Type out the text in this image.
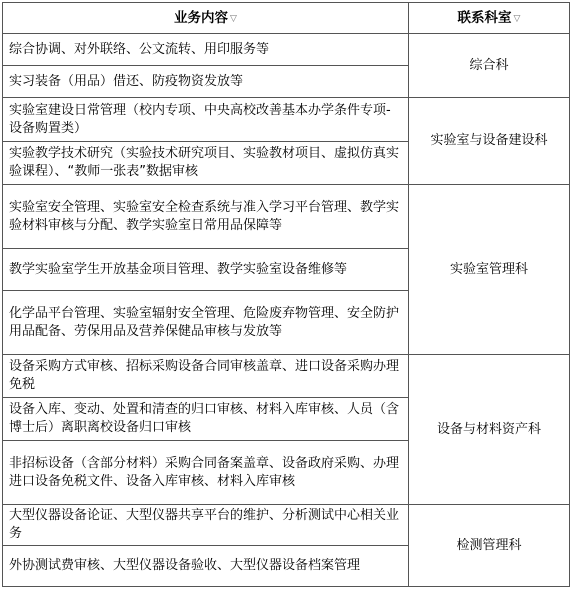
业务内容 ▽	联系科室 ▽
综合协调、对外联络、公文流转、用印服务等	综合科
实习装备（用品）借还、防疫物资发放等	
实验室建设日常管理（校内专项、中央高校改善基本办学条件专项-设备购置类）	实验室与设备建设科
实验教学技术研究（实验技术研究项目、实验教材项目、虚拟仿真实验课程）、“教师一张表”数据审核	
实验室安全管理、实验室安全检查系统与准入学习平台管理、教学实验材料审核与分配、教学实验室日常用品保障等	实验室管理科
教学实验室学生开放基金项目管理、教学实验室设备维修等	
化学品平台管理、实验室辐射安全管理、危险废弃物管理、安全防护用品配备、劳保用品及营养保健品审核与发放等	
设备采购方式审核、招标采购设备合同审核盖章、进口设备采购办理免税	设备与材料资产科
设备入库、变动、处置和清查的归口审核、材料入库审核、人员（含博士后）离职离校设备归口审核	
非招标设备（含部分材料）采购合同备案盖章、设备政府采购、办理进口设备免税文件、设备入库审核、材料入库审核	
大型仪器设备论证、大型仪器共享平台的维护、分析测试中心相关业务	检测管理科
外协测试费审核、大型仪器设备验收、大型仪器设备档案管理	
